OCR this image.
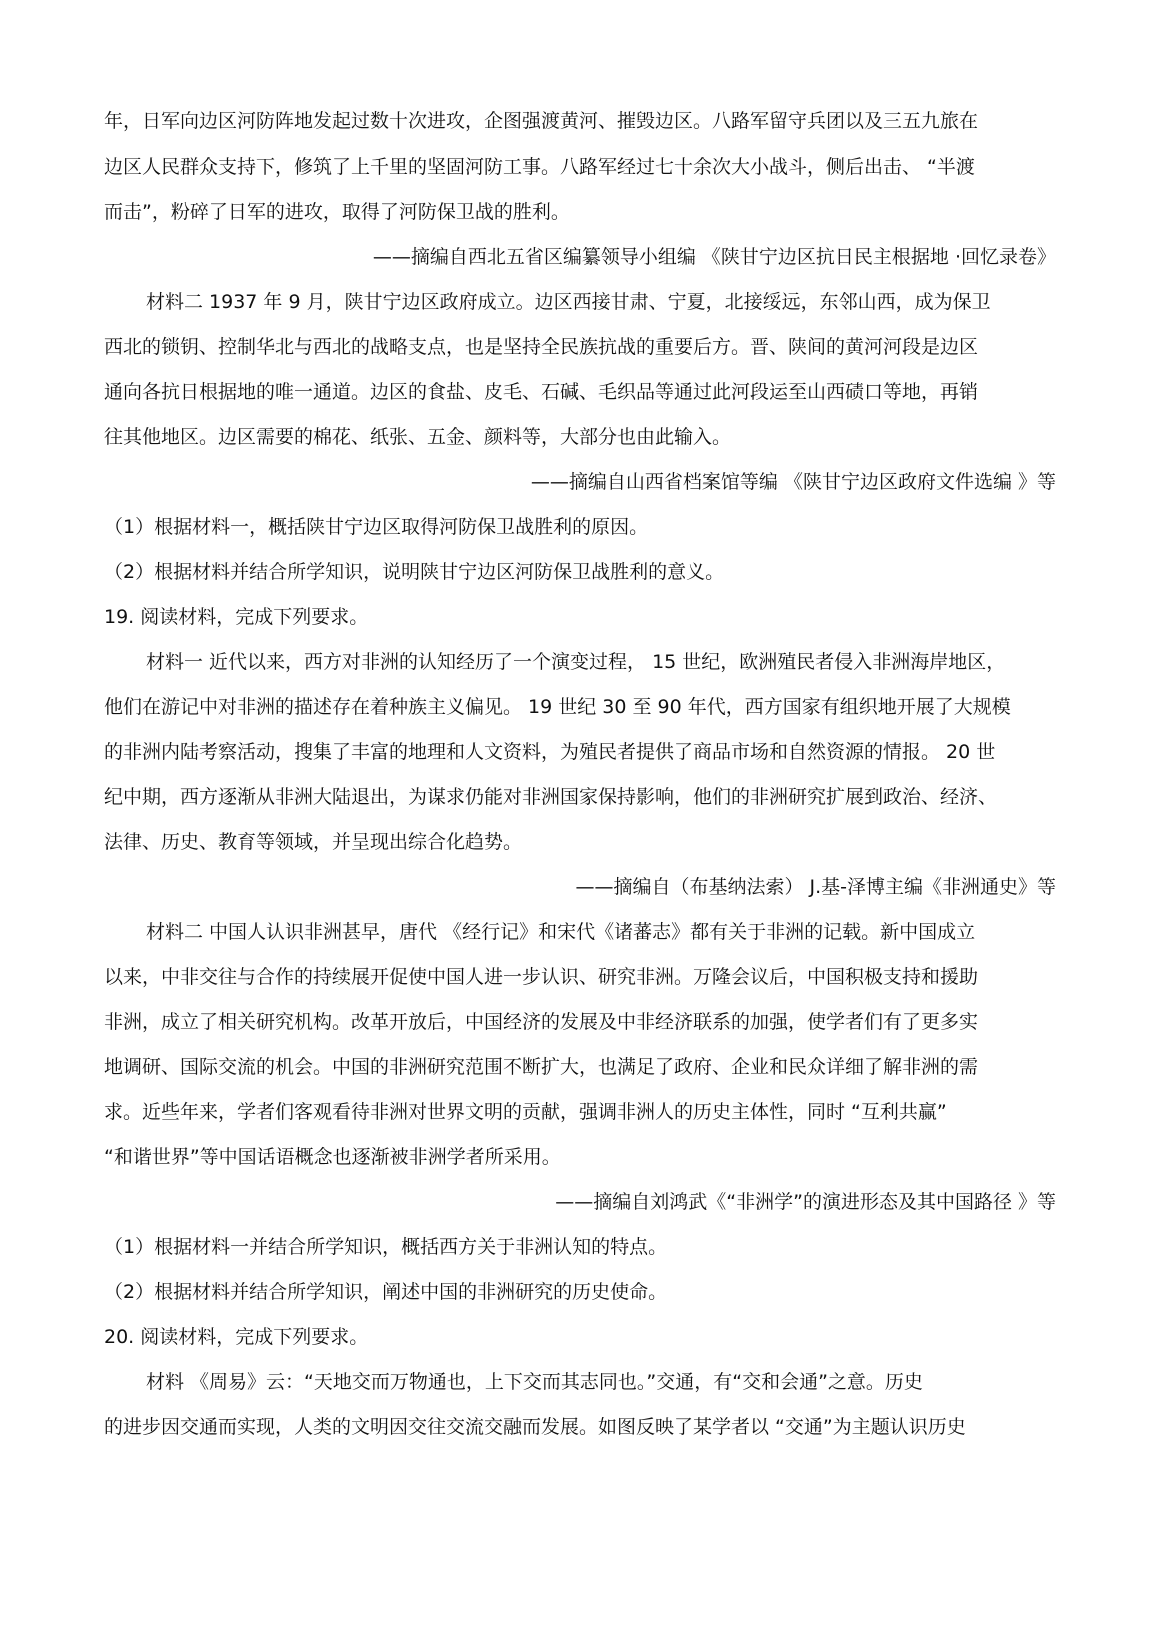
年，日军向边区河防阵地发起过数十次进攻，企图强渡黄河、摧毁边区。八路军留守兵团以及三五九旅在
边区人民群众支持下，修筑了上千里的坚固河防工事。八路军经过七十余次大小战斗，侧后出击、 “半渡
而击”，粉碎了日军的进攻，取得了河防保卫战的胜利。
——摘编自西北五省区编纂领导小组编 《陕甘宁边区抗日民主根据地 ·回忆录卷》
材料二 1937 年 9 月，陕甘宁边区政府成立。边区西接甘肃、宁夏，北接绥远，东邻山西，成为保卫
西北的锁钥、控制华北与西北的战略支点，也是坚持全民族抗战的重要后方。晋、陕间的黄河河段是边区
通向各抗日根据地的唯一通道。边区的食盐、皮毛、石碱、毛织品等通过此河段运至山西碛口等地，再销
往其他地区。边区需要的棉花、纸张、五金、颜料等，大部分也由此输入。
——摘编自山西省档案馆等编 《陕甘宁边区政府文件选编 》等
（1）根据材料一，概括陕甘宁边区取得河防保卫战胜利的原因。
（2）根据材料并结合所学知识，说明陕甘宁边区河防保卫战胜利的意义。
19. 阅读材料，完成下列要求。
材料一 近代以来，西方对非洲的认知经历了一个演变过程， 15 世纪，欧洲殖民者侵入非洲海岸地区，
他们在游记中对非洲的描述存在着种族主义偏见。 19 世纪 30 至 90 年代，西方国家有组织地开展了大规模
的非洲内陆考察活动，搜集了丰富的地理和人文资料，为殖民者提供了商品市场和自然资源的情报。 20 世
纪中期，西方逐渐从非洲大陆退出，为谋求仍能对非洲国家保持影响，他们的非洲研究扩展到政治、经济、
法律、历史、教育等领域，并呈现出综合化趋势。
——摘编自（布基纳法索） J.基-泽博主编《非洲通史》等
材料二 中国人认识非洲甚早，唐代 《经行记》和宋代《诸蕃志》都有关于非洲的记载。新中国成立
以来，中非交往与合作的持续展开促使中国人进一步认识、研究非洲。万隆会议后，中国积极支持和援助
非洲，成立了相关研究机构。改革开放后，中国经济的发展及中非经济联系的加强，使学者们有了更多实
地调研、国际交流的机会。中国的非洲研究范围不断扩大，也满足了政府、企业和民众详细了解非洲的需
求。近些年来，学者们客观看待非洲对世界文明的贡献，强调非洲人的历史主体性，同时 “互利共赢”
“和谐世界”等中国话语概念也逐渐被非洲学者所采用。
——摘编自刘鸿武《“非洲学”的演进形态及其中国路径 》等
（1）根据材料一并结合所学知识，概括西方关于非洲认知的特点。
（2）根据材料并结合所学知识，阐述中国的非洲研究的历史使命。
20. 阅读材料，完成下列要求。
材料 《周易》云：“天地交而万物通也，上下交而其志同也。”交通，有“交和会通”之意。历史
的进步因交通而实现，人类的文明因交往交流交融而发展。如图反映了某学者以 “交通”为主题认识历史
